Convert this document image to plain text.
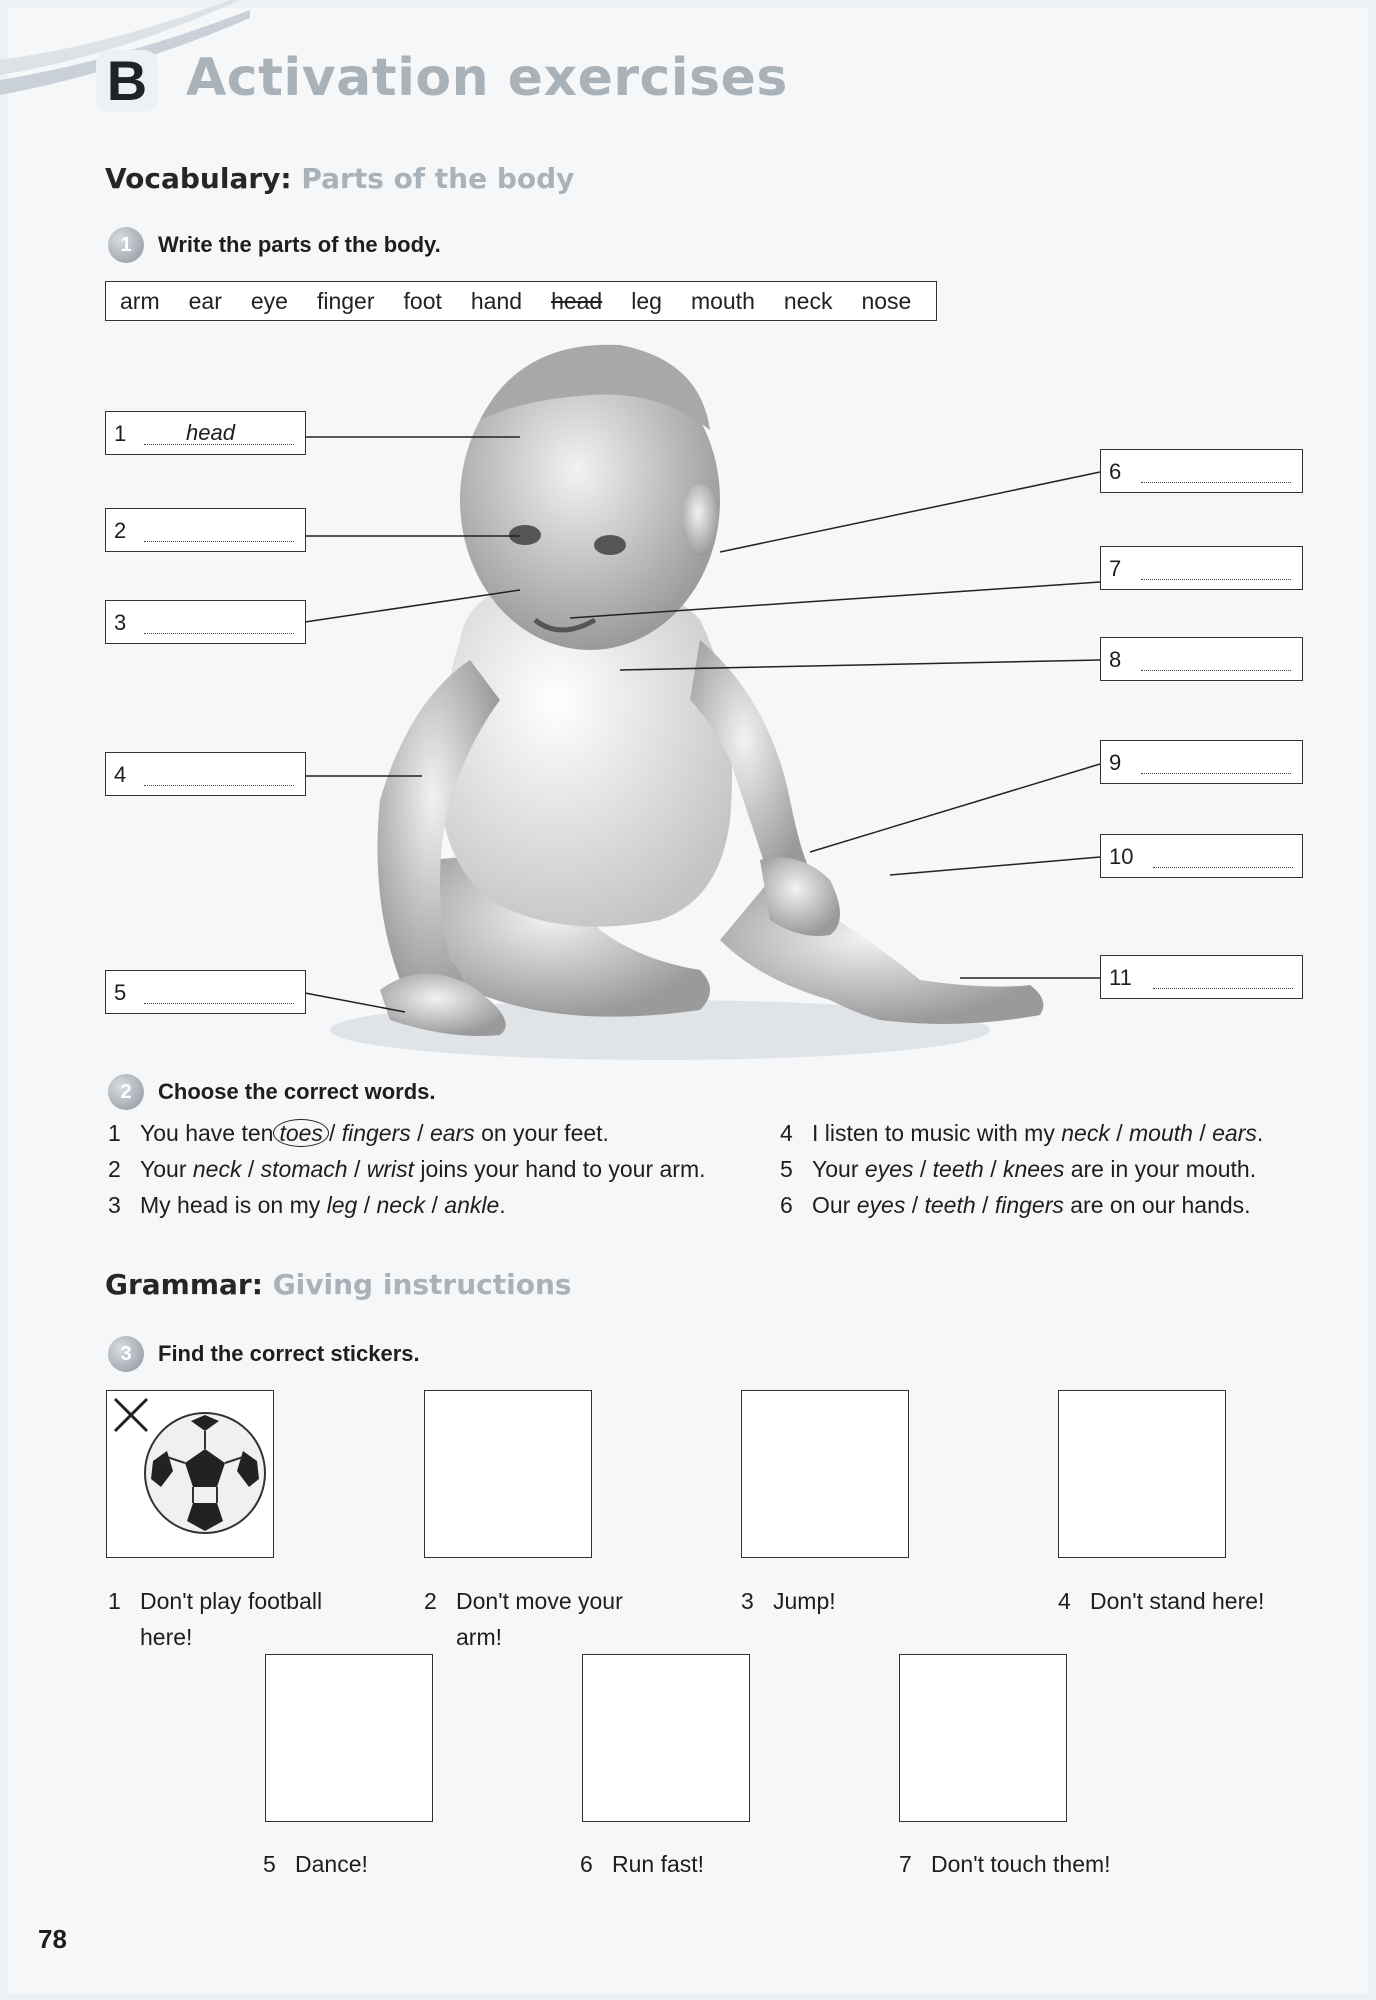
B Activation exercises
Vocabulary: Parts of the body
1	Write the parts of the body.
arm ear eye finger foot hand head leg mouth neck nose
1	head
2
3
4
5
6
7
8
9
10
11
2	Choose the correct words.
1 You have ten toes / fingers / ears on your feet.
2 Your neck / stomach / wrist joins your hand to your arm.
3 My head is on my leg / neck / ankle.
4 I listen to music with my neck / mouth / ears.
5 Your eyes / teeth / knees are in your mouth.
6 Our eyes / teeth / fingers are on our hands.
Grammar: Giving instructions
3	Find the correct stickers.
1 Don't play football
here!
2 Don't move your
arm!
3 Jump!	4 Don't stand here!
5 Dance!	6 Run fast!	7 Don't touch them!
78
